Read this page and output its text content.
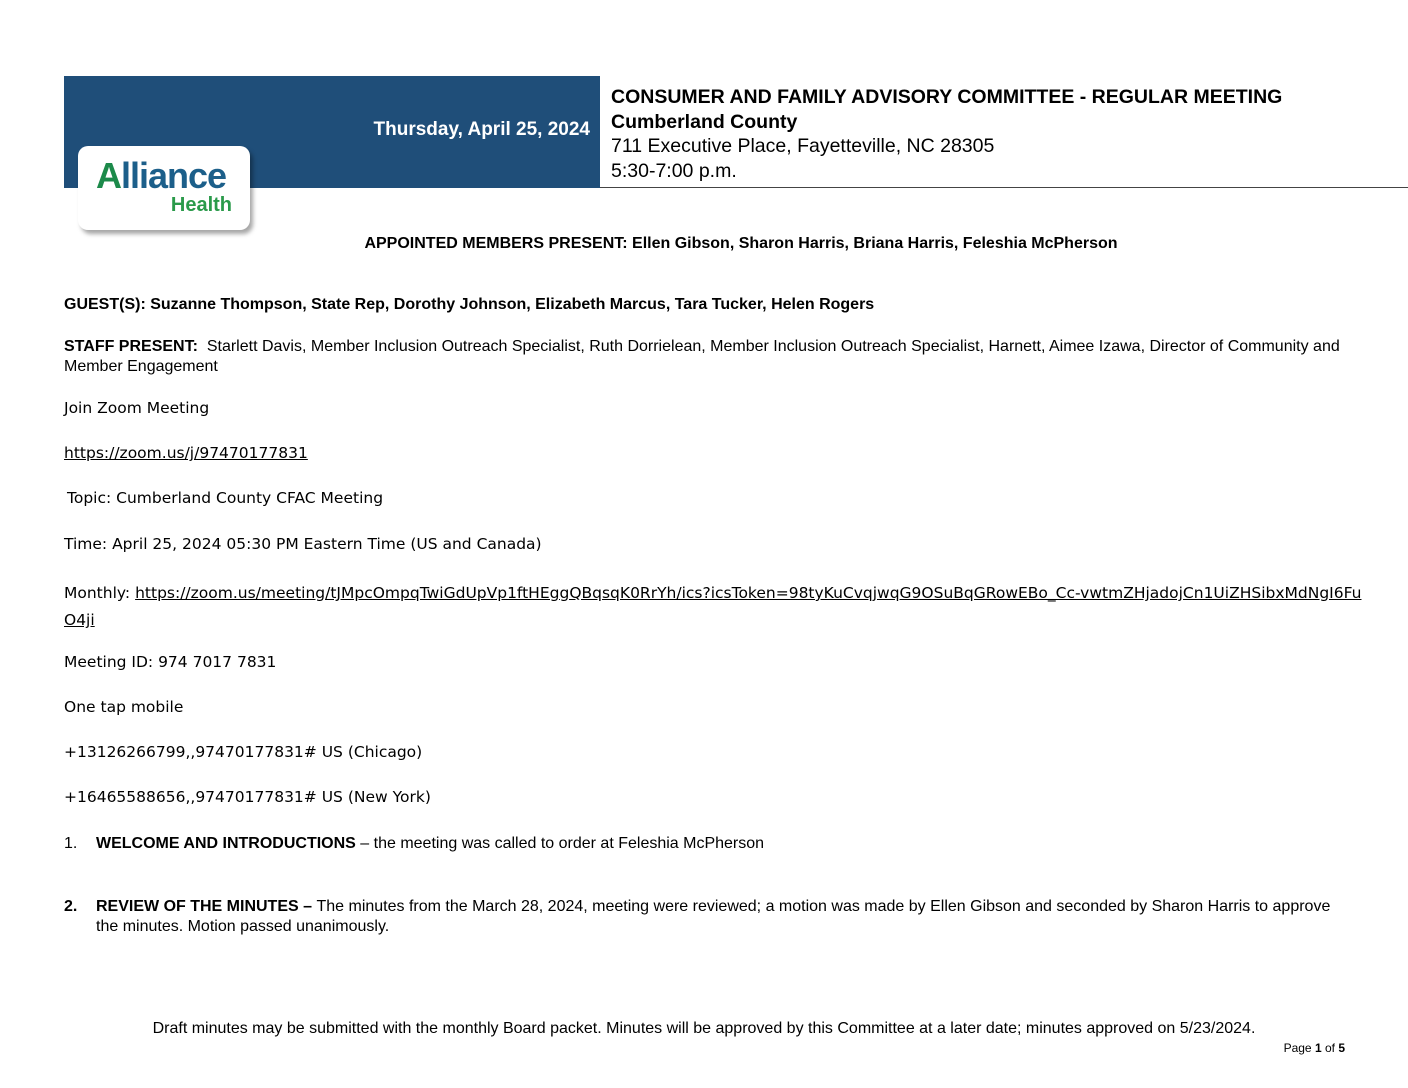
Thursday, April 25, 2024
Alliance
Health
CONSUMER AND FAMILY ADVISORY COMMITTEE - REGULAR MEETING
Cumberland County
711 Executive Place, Fayetteville, NC 28305
5:30-7:00 p.m.
APPOINTED MEMBERS PRESENT: Ellen Gibson, Sharon Harris, Briana Harris, Feleshia McPherson
GUEST(S): Suzanne Thompson, State Rep, Dorothy Johnson, Elizabeth Marcus, Tara Tucker, Helen Rogers
STAFF PRESENT:  Starlett Davis, Member Inclusion Outreach Specialist, Ruth Dorrielean, Member Inclusion Outreach Specialist, Harnett, Aimee Izawa, Director of Community and Member Engagement
Join Zoom Meeting
https://zoom.us/j/97470177831
Topic: Cumberland County CFAC Meeting
Time: April 25, 2024 05:30 PM Eastern Time (US and Canada)
Monthly: https://zoom.us/meeting/tJMpcOmpqTwiGdUpVp1ftHEggQBqsqK0RrYh/ics?icsToken=98tyKuCvqjwqG9OSuBqGRowEBo_Cc-vwtmZHjadojCn1UiZHSibxMdNgI6FuO4ji
Meeting ID: 974 7017 7831
One tap mobile
+13126266799,,97470177831# US (Chicago)
+16465588656,,97470177831# US (New York)
1. WELCOME AND INTRODUCTIONS – the meeting was called to order at Feleshia McPherson
2. REVIEW OF THE MINUTES – The minutes from the March 28, 2024, meeting were reviewed; a motion was made by Ellen Gibson and seconded by Sharon Harris to approve the minutes. Motion passed unanimously.
Draft minutes may be submitted with the monthly Board packet. Minutes will be approved by this Committee at a later date; minutes approved on 5/23/2024.
Page 1 of 5
